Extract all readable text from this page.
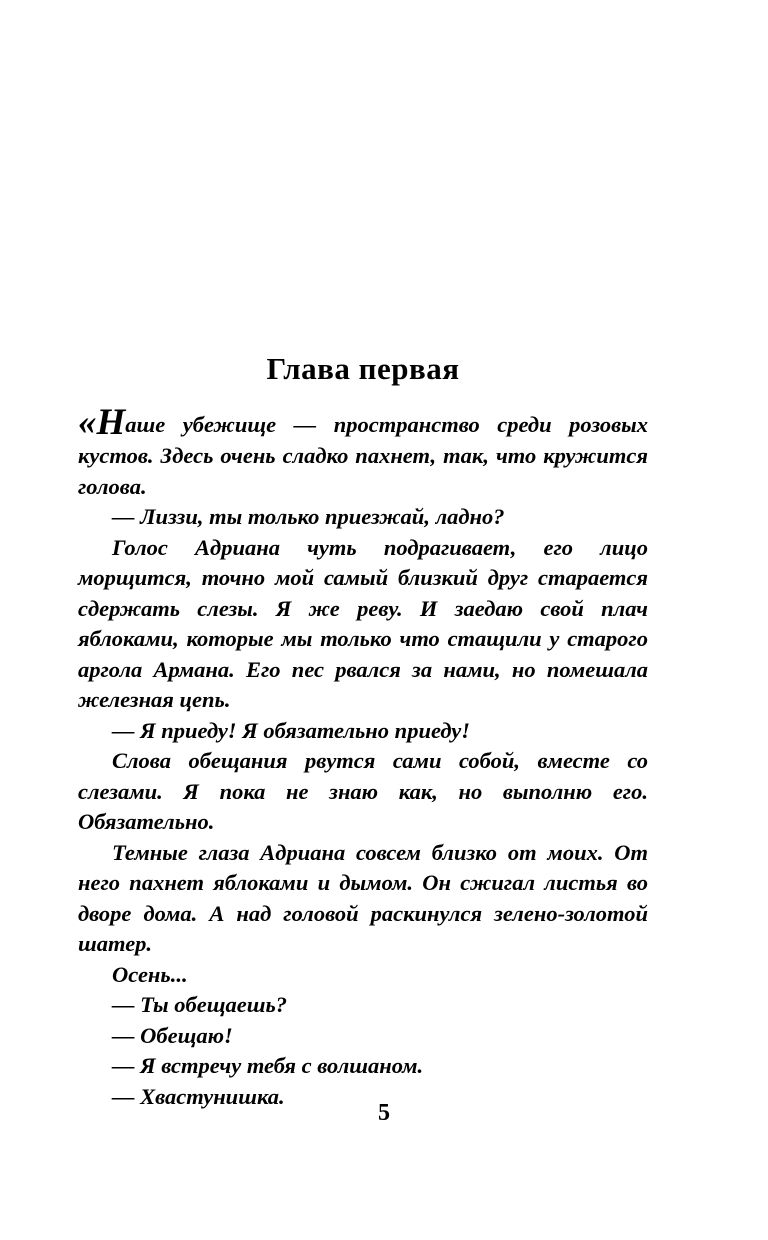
Глава первая

«Наше убежище — пространство среди розовых кустов. Здесь очень сладко пахнет, так, что кружится голова.

— Лиззи, ты только приезжай, ладно?

Голос Адриана чуть подрагивает, его лицо морщится, точно мой самый близкий друг старается сдержать слезы. Я же реву. И заедаю свой плач яблоками, которые мы только что стащили у старого аргола Армана. Его пес рвался за нами, но помешала железная цепь.

— Я приеду! Я обязательно приеду!

Слова обещания рвутся сами собой, вместе со слезами. Я пока не знаю как, но выполню его. Обязательно.

Темные глаза Адриана совсем близко от моих. От него пахнет яблоками и дымом. Он сжигал листья во дворе дома. А над головой раскинулся зелено-золотой шатер.

Осень...

— Ты обещаешь?

— Обещаю!

— Я встречу тебя с волшаном.

— Хвастунишка.

5
